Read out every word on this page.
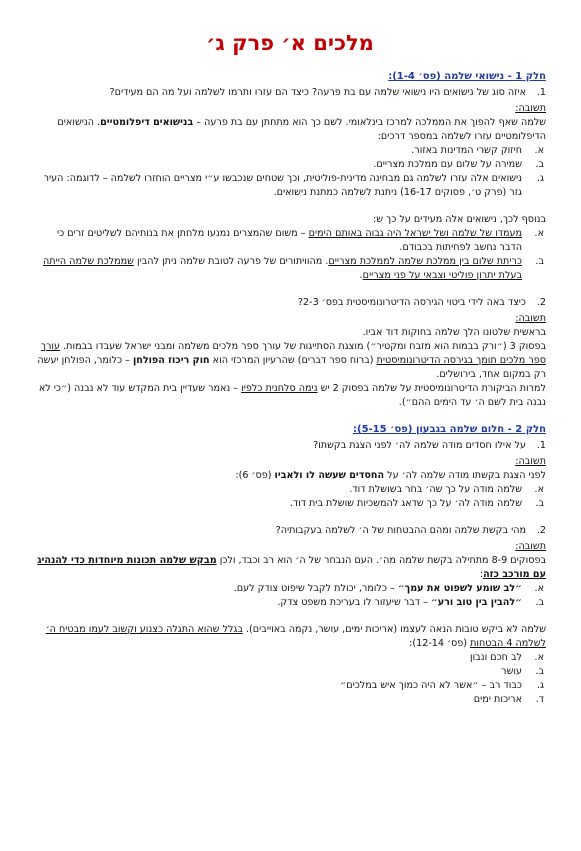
מלכים א׳ פרק ג׳
חלק 1 - נישואי שלמה (פס׳ 1-4):
1.
איזה סוג של נישואים היו נישואי שלמה עם בת פרעה? כיצד הם עזרו ותרמו לשלמה ועל מה הם מעידים?
תשובה:
שלמה שאף להפוך את הממלכה למרכז בינלאומי. לשם כך הוא מתחתן עם בת פרעה – בנישואים דיפלומטיים. הנישואים הדיפלומטיים עזרו לשלמה במספר דרכים:
א.
חיזוק קשרי המדינות באזור.
ב.
שמירה על שלום עם ממלכת מצריים.
ג.
נישואים אלה עזרו לשלמה גם מבחינה מדינית-פוליטית, וכך שטחים שנכבשו ע״י מצריים הוחזרו לשלמה – לדוגמה: העיר גזר (פרק ט׳, פסוקים 16-17) ניתנת לשלמה כמתנת נישואים.
בנוסף לכך, נישואים אלה מעידים על כך ש:
א.
מעמדו של שלמה ושל ישראל היה גבוה באותם הימים – משום שהמצרים נמנעו מלחתן את בנותיהם לשליטים זרים כי הדבר נחשב לפחיתות בכבודם.
ב.
כריתת שלום בין ממלכת שלמה לממלכת מצריים. מהוויתורים של פרעה לטובת שלמה ניתן להבין שממלכת שלמה הייתה בעלת יתרון פוליטי וצבאי על פני מצריים.
2.
כיצד באה לידי ביטוי הגירסה הדיטרונומיסטית בפס׳ 2-3?
תשובה:
בראשית שלטונו הלך שלמה בחוקות דוד אביו.
בפסוק 3 (״ורק בבמות הוא מזבח ומקטיר״) מוצגת הסתייגות של עורך ספר מלכים משלמה ומבני ישראל שעבדו בבמות. עורך ספר מלכים תומך בגירסה הדיטרונומיסטית (ברוח ספר דברים) שהרעיון המרכזי הוא חוק ריכוז הפולחן – כלומר, הפולחן יעשה רק במקום אחד, בירושלים.
למרות הביקורת הדיטרונומיסטית על שלמה בפסוק 2 יש נימה סלחנית כלפיו – נאמר שעדיין בית המקדש עוד לא נבנה (״כי לא נבנה בית לשם ה׳ עד הימים ההם״).
חלק 2 - חלום שלמה בגבעון (פס׳ 5-15):
1.
על אילו חסדים מודה שלמה לה׳ לפני הצגת בקשתו?
תשובה:
לפני הצגת בקשתו מודה שלמה לה׳ על החסדים שעשה לו ולאביו (פס׳ 6):
א.
שלמה מודה על כך שה׳ בחר בשושלת דוד.
ב.
שלמה מודה לה׳ על כך שדאג להמשכיות שושלת בית דוד.
2.
מהי בקשת שלמה ומהם ההבטחות של ה׳ לשלמה בעקבותיה?
תשובה:
בפסוקים 8-9 מתחילה בקשת שלמה מה׳. העם הנבחר של ה׳ הוא רב וכבד, ולכן מבקש שלמה תכונות מיוחדות כדי להנהיג עם מורכב כזה:
א.
״לב שומע לשפוט את עמך״ – כלומר, יכולת לקבל שיפוט צודק לעם.
ב.
״להבין בין טוב ורע״ – דבר שיעזור לו בעריכת משפט צדק.
שלמה לא ביקש טובות הנאה לעצמו (אריכות ימים, עושר, נקמה באוייבים). בגלל שהוא התגלה כצנוע וקשוב לעמו מבטיח ה׳ לשלמה 4 הבטחות (פס׳ 12-14):
א.
לב חכם ונבון
ב.
עושר
ג.
כבוד רב – ״אשר לא היה כמוך איש במלכים״
ד.
אריכות ימים
